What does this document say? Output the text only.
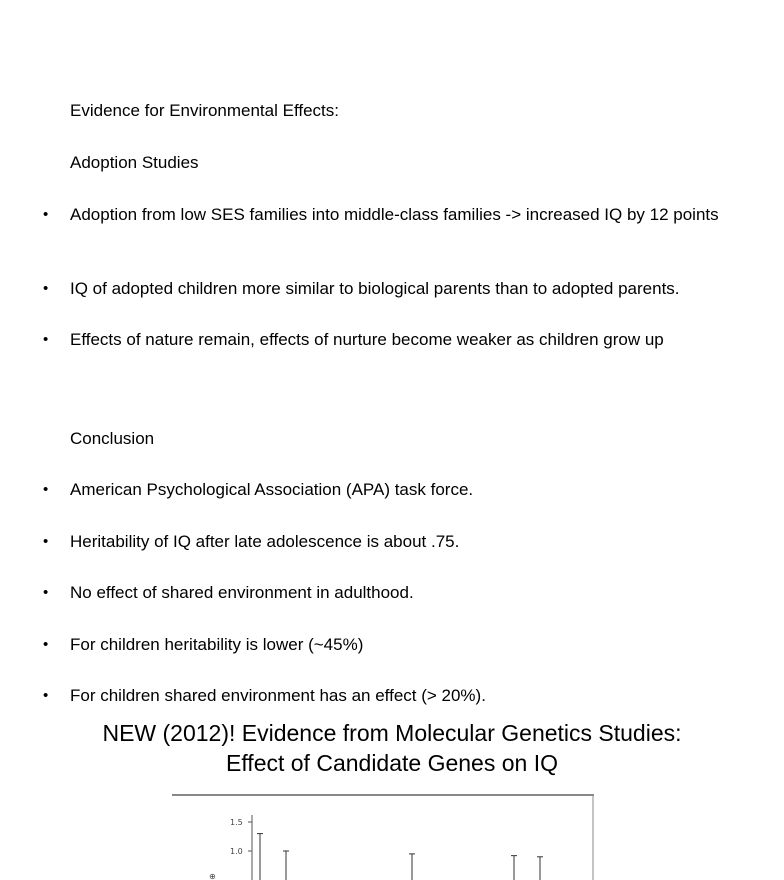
Evidence for Environmental Effects:
Adoption Studies
• Adoption from low SES families into middle-class families -> increased IQ by 12 points
• IQ of adopted children more similar to biological parents than to adopted parents.
• Effects of nature remain, effects of nurture become weaker as children grow up
Conclusion
• American Psychological Association (APA) task force.
• Heritability of IQ after late adolescence is about .75.
• No effect of shared environment in adulthood.
• For children heritability is lower (~45%)
• For children shared environment has an effect (> 20%).
NEW (2012)! Evidence from Molecular Genetics Studies:
Effect of Candidate Genes on IQ
1.5
1.0
⊕
